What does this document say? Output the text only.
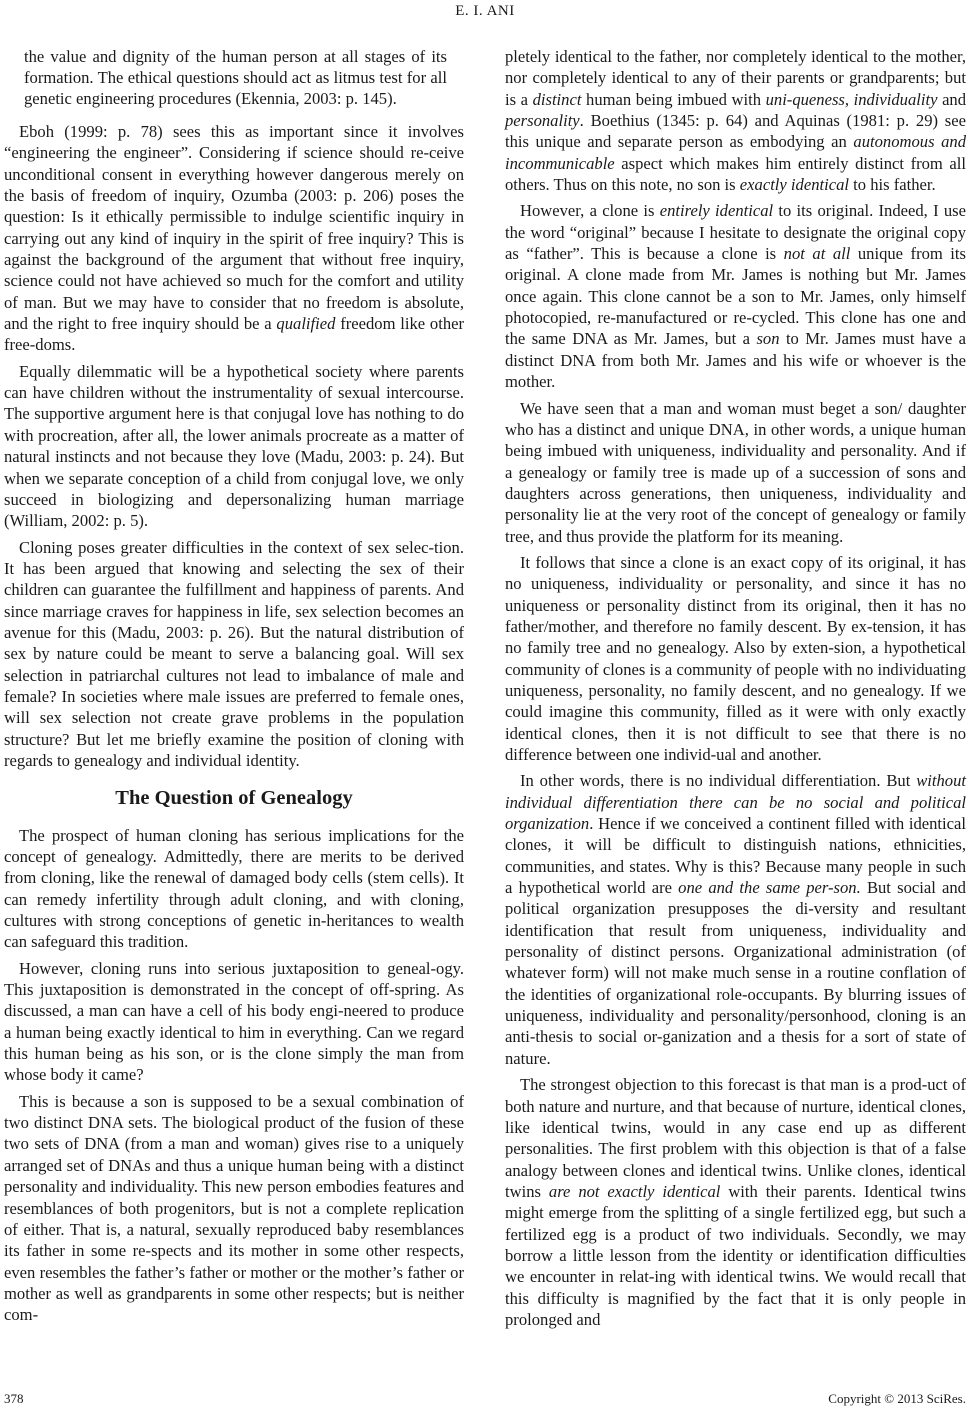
E. I. ANI

the value and dignity of the human person at all stages of its formation. The ethical questions should act as litmus test for all genetic engineering procedures (Ekennia, 2003: p. 145).

Eboh (1999: p. 78) sees this as important since it involves “engineering the engineer”. Considering if science should re-ceive unconditional consent in everything however dangerous merely on the basis of freedom of inquiry, Ozumba (2003: p. 206) poses the question: Is it ethically permissible to indulge scientific inquiry in carrying out any kind of inquiry in the spirit of free inquiry? This is against the background of the argument that without free inquiry, science could not have achieved so much for the comfort and utility of man. But we may have to consider that no freedom is absolute, and the right to free inquiry should be a qualified freedom like other free-doms.

Equally dilemmatic will be a hypothetical society where parents can have children without the instrumentality of sexual intercourse. The supportive argument here is that conjugal love has nothing to do with procreation, after all, the lower animals procreate as a matter of natural instincts and not because they love (Madu, 2003: p. 24). But when we separate conception of a child from conjugal love, we only succeed in biologizing and depersonalizing human marriage (William, 2002: p. 5).

Cloning poses greater difficulties in the context of sex selec-tion. It has been argued that knowing and selecting the sex of their children can guarantee the fulfillment and happiness of parents. And since marriage craves for happiness in life, sex selection becomes an avenue for this (Madu, 2003: p. 26). But the natural distribution of sex by nature could be meant to serve a balancing goal. Will sex selection in patriarchal cultures not lead to imbalance of male and female? In societies where male issues are preferred to female ones, will sex selection not create grave problems in the population structure? But let me briefly examine the position of cloning with regards to genealogy and individual identity.

The Question of Genealogy

The prospect of human cloning has serious implications for the concept of genealogy. Admittedly, there are merits to be derived from cloning, like the renewal of damaged body cells (stem cells). It can remedy infertility through adult cloning, and with cloning, cultures with strong conceptions of genetic in-heritances to wealth can safeguard this tradition.

However, cloning runs into serious juxtaposition to geneal-ogy. This juxtaposition is demonstrated in the concept of off-spring. As discussed, a man can have a cell of his body engi-neered to produce a human being exactly identical to him in everything. Can we regard this human being as his son, or is the clone simply the man from whose body it came?

This is because a son is supposed to be a sexual combination of two distinct DNA sets. The biological product of the fusion of these two sets of DNA (from a man and woman) gives rise to a uniquely arranged set of DNAs and thus a unique human being with a distinct personality and individuality. This new person embodies features and resemblances of both progenitors, but is not a complete replication of either. That is, a natural, sexually reproduced baby resemblances its father in some re-spects and its mother in some other respects, even resembles the father’s father or mother or the mother’s father or mother as well as grandparents in some other respects; but is neither com-

pletely identical to the father, nor completely identical to the mother, nor completely identical to any of their parents or grandparents; but is a distinct human being imbued with uni-queness, individuality and personality. Boethius (1345: p. 64) and Aquinas (1981: p. 29) see this unique and separate person as embodying an autonomous and incommunicable aspect which makes him entirely distinct from all others. Thus on this note, no son is exactly identical to his father.

However, a clone is entirely identical to its original. Indeed, I use the word “original” because I hesitate to designate the original copy as “father”. This is because a clone is not at all unique from its original. A clone made from Mr. James is nothing but Mr. James once again. This clone cannot be a son to Mr. James, only himself photocopied, re-manufactured or re-cycled. This clone has one and the same DNA as Mr. James, but a son to Mr. James must have a distinct DNA from both Mr. James and his wife or whoever is the mother.

We have seen that a man and woman must beget a son/ daughter who has a distinct and unique DNA, in other words, a unique human being imbued with uniqueness, individuality and personality. And if a genealogy or family tree is made up of a succession of sons and daughters across generations, then uniqueness, individuality and personality lie at the very root of the concept of genealogy or family tree, and thus provide the platform for its meaning.

It follows that since a clone is an exact copy of its original, it has no uniqueness, individuality or personality, and since it has no uniqueness or personality distinct from its original, then it has no father/mother, and therefore no family descent. By ex-tension, it has no family tree and no genealogy. Also by exten-sion, a hypothetical community of clones is a community of people with no individuating uniqueness, personality, no family descent, and no genealogy. If we could imagine this community, filled as it were with only exactly identical clones, then it is not difficult to see that there is no difference between one individ-ual and another.

In other words, there is no individual differentiation. But without individual differentiation there can be no social and political organization. Hence if we conceived a continent filled with identical clones, it will be difficult to distinguish nations, ethnicities, communities, and states. Why is this? Because many people in such a hypothetical world are one and the same per-son. But social and political organization presupposes the di-versity and resultant identification that result from uniqueness, individuality and personality of distinct persons. Organizational administration (of whatever form) will not make much sense in a routine conflation of the identities of organizational role-occupants. By blurring issues of uniqueness, individuality and personality/personhood, cloning is an anti-thesis to social or-ganization and a thesis for a sort of state of nature.

The strongest objection to this forecast is that man is a prod-uct of both nature and nurture, and that because of nurture, identical clones, like identical twins, would in any case end up as different personalities. The first problem with this objection is that of a false analogy between clones and identical twins. Unlike clones, identical twins are not exactly identical with their parents. Identical twins might emerge from the splitting of a single fertilized egg, but such a fertilized egg is a product of two individuals. Secondly, we may borrow a little lesson from the identity or identification difficulties we encounter in relat-ing with identical twins. We would recall that this difficulty is magnified by the fact that it is only people in prolonged and

378	Copyright © 2013 SciRes.
